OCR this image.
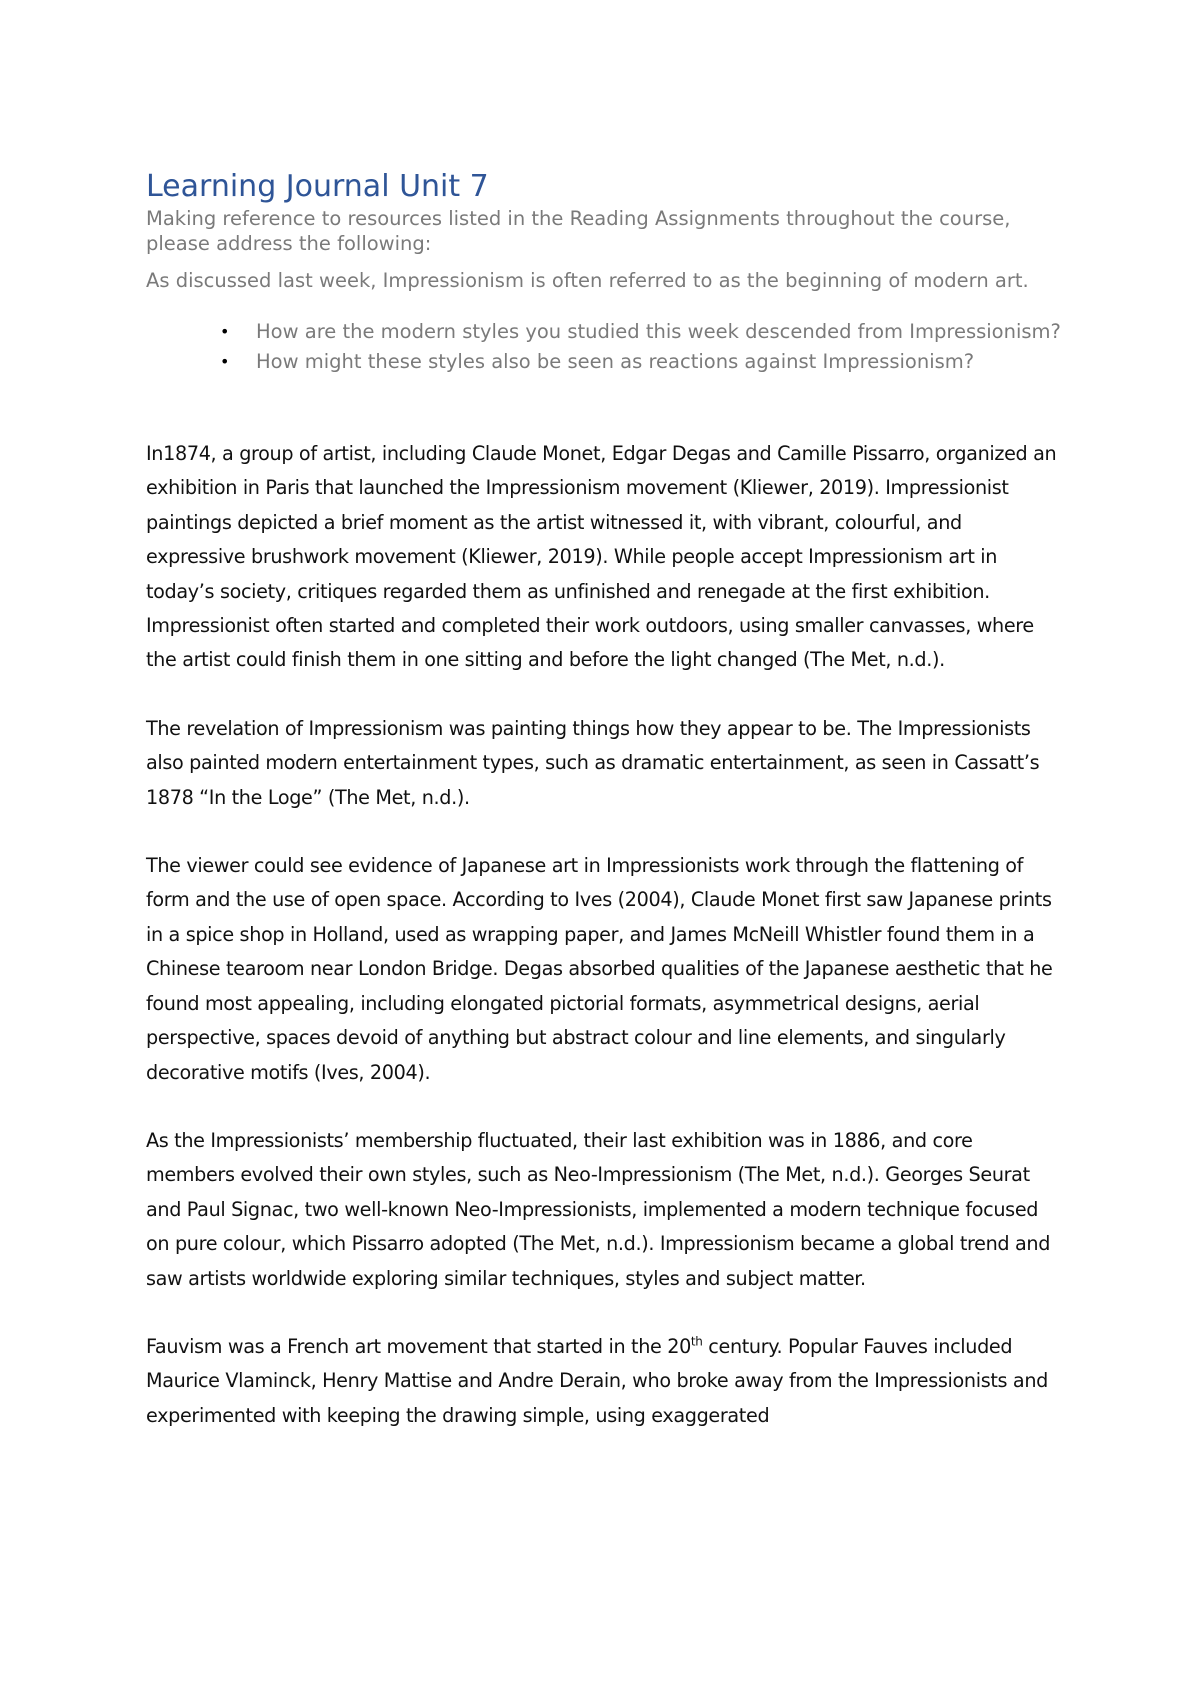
Learning Journal Unit 7

Making reference to resources listed in the Reading Assignments throughout the course, please address the following:

As discussed last week, Impressionism is often referred to as the beginning of modern art.

• How are the modern styles you studied this week descended from Impressionism?
• How might these styles also be seen as reactions against Impressionism?

In1874, a group of artist, including Claude Monet, Edgar Degas and Camille Pissarro, organized an exhibition in Paris that launched the Impressionism movement (Kliewer, 2019). Impressionist paintings depicted a brief moment as the artist witnessed it, with vibrant, colourful, and expressive brushwork movement (Kliewer, 2019). While people accept Impressionism art in today’s society, critiques regarded them as unfinished and renegade at the first exhibition. Impressionist often started and completed their work outdoors, using smaller canvasses, where the artist could finish them in one sitting and before the light changed (The Met, n.d.).

The revelation of Impressionism was painting things how they appear to be. The Impressionists also painted modern entertainment types, such as dramatic entertainment, as seen in Cassatt’s 1878 “In the Loge” (The Met, n.d.).

The viewer could see evidence of Japanese art in Impressionists work through the flattening of form and the use of open space. According to Ives (2004), Claude Monet first saw Japanese prints in a spice shop in Holland, used as wrapping paper, and James McNeill Whistler found them in a Chinese tearoom near London Bridge. Degas absorbed qualities of the Japanese aesthetic that he found most appealing, including elongated pictorial formats, asymmetrical designs, aerial perspective, spaces devoid of anything but abstract colour and line elements, and singularly decorative motifs (Ives, 2004).

As the Impressionists’ membership fluctuated, their last exhibition was in 1886, and core members evolved their own styles, such as Neo-Impressionism (The Met, n.d.). Georges Seurat and Paul Signac, two well-known Neo-Impressionists, implemented a modern technique focused on pure colour, which Pissarro adopted (The Met, n.d.). Impressionism became a global trend and saw artists worldwide exploring similar techniques, styles and subject matter.

Fauvism was a French art movement that started in the 20th century. Popular Fauves included Maurice Vlaminck, Henry Mattise and Andre Derain, who broke away from the Impressionists and experimented with keeping the drawing simple, using exaggerated
